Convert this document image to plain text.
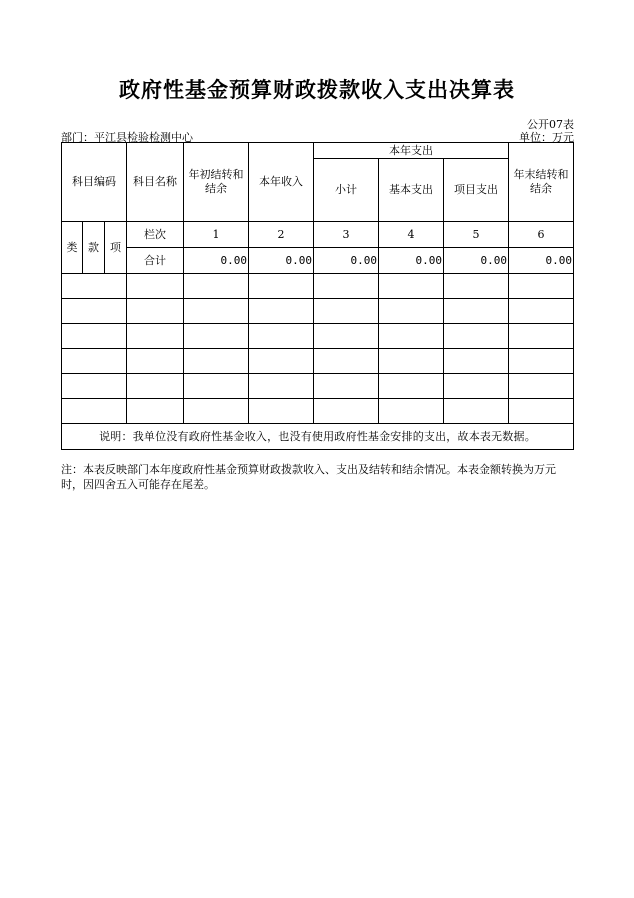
政府性基金预算财政拨款收入支出决算表
公开07表
部门：平江县检验检测中心	单位：万元
科目编码			科目名称	年初结转和结余	本年收入	本年支出			年末结转和结余
						小计	基本支出	项目支出	
类	款	项	栏次	1	2	3	4	5	6
			合计	0.00	0.00	0.00	0.00	0.00	0.00

说明：我单位没有政府性基金收入，也没有使用政府性基金安排的支出，故本表无数据。									
注：本表反映部门本年度政府性基金预算财政拨款收入、支出及结转和结余情况。本表金额转换为万元时，因四舍五入可能存在尾差。
